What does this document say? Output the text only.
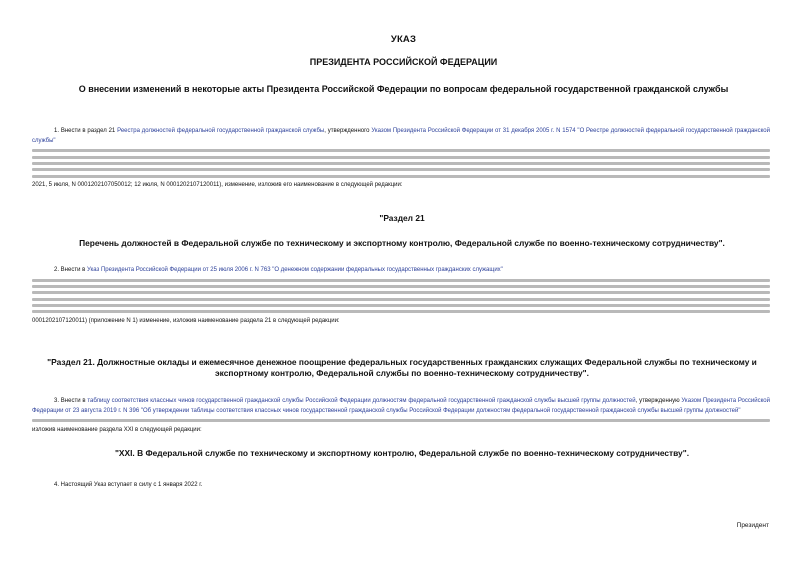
УКАЗ
ПРЕЗИДЕНТА РОССИЙСКОЙ ФЕДЕРАЦИИ
О внесении изменений в некоторые акты Президента Российской Федерации по вопросам федеральной государственной гражданской службы
1. Внести в раздел 21 Реестра должностей федеральной государственной гражданской службы, утвержденного Указом Президента Российской Федерации от 31 декабря 2005 г. N 1574 "О Реестре должностей федеральной государственной гражданской службы"
2021, 5 июля, N 0001202107050012; 12 июля, N 0001202107120011), изменение, изложив его наименование в следующей редакции:
"Раздел 21
Перечень должностей в Федеральной службе по техническому и экспортному контролю, Федеральной службе по военно-техническому сотрудничеству".
2. Внести в Указ Президента Российской Федерации от 25 июля 2006 г. N 763 "О денежном содержании федеральных государственных гражданских служащих"
0001202107120011) (приложение N 1) изменение, изложив наименование раздела 21 в следующей редакции:
"Раздел 21. Должностные оклады и ежемесячное денежное поощрение федеральных государственных гражданских служащих Федеральной службы по техническому и экспортному контролю, Федеральной службы по военно-техническому сотрудничеству".
3. Внести в таблицу соответствия классных чинов государственной гражданской службы Российской Федерации должностям федеральной государственной гражданской службы высшей группы должностей, утвержденную Указом Президента Российской Федерации от 23 августа 2019 г. N 396 "Об утверждении таблицы соответствия классных чинов государственной гражданской службы Российской Федерации должностям федеральной государственной гражданской службы высшей группы должностей"
изложив наименование раздела XXI в следующей редакции:
"XXI. В Федеральной службе по техническому и экспортному контролю, Федеральной службе по военно-техническому сотрудничеству".
4. Настоящий Указ вступает в силу с 1 января 2022 г.
Президент
